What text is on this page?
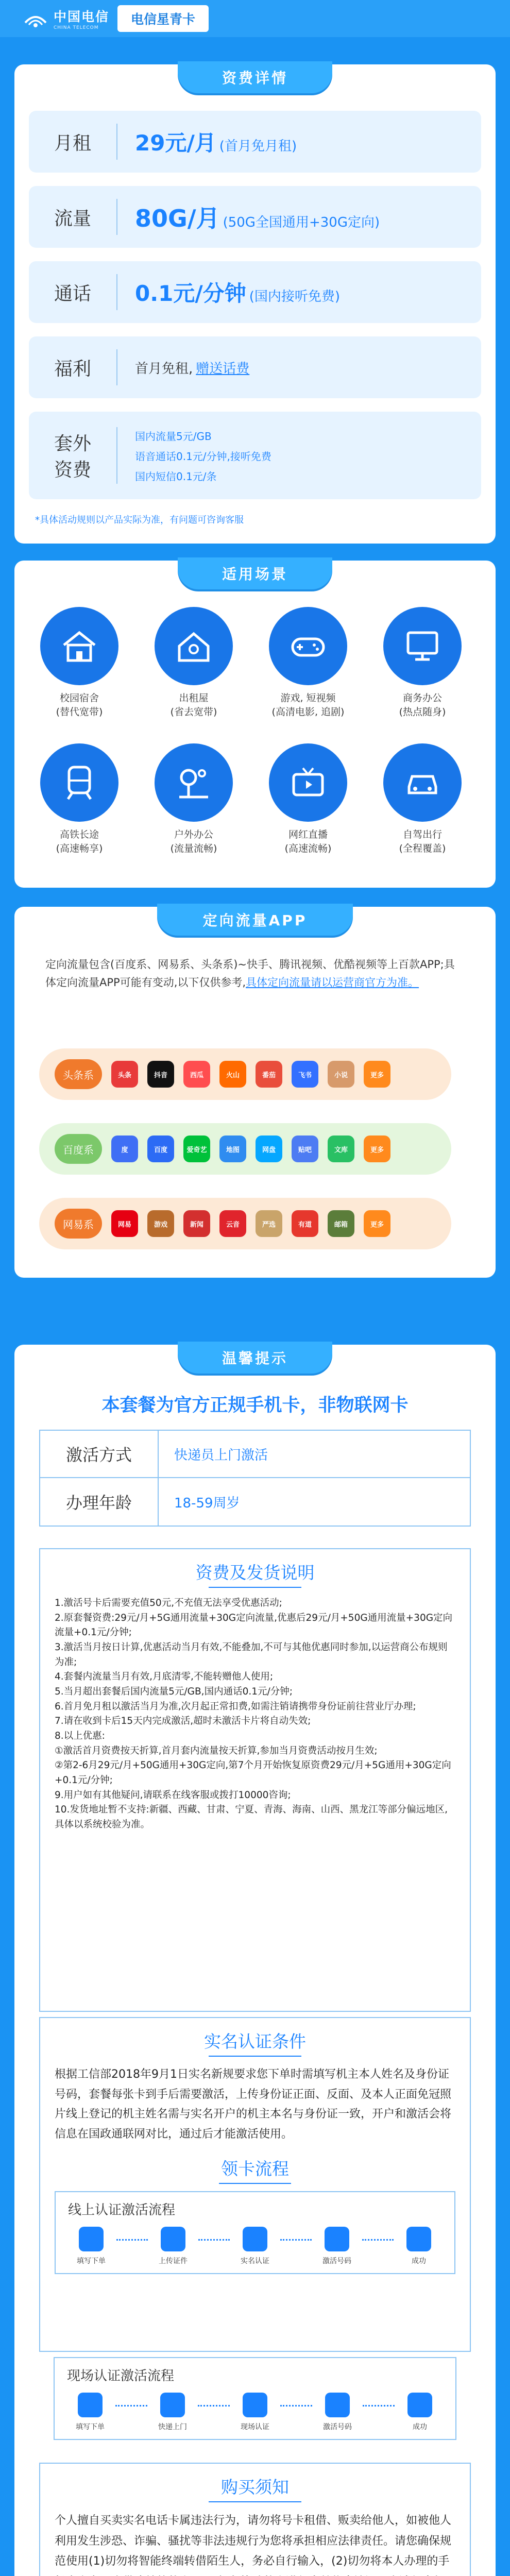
中国电信
CHINA TELECOM
电信星青卡
资费详情
月租	29元/月 (首月免月租)
流量	80G/月 (50G全国通用+30G定向)
通话	0.1元/分钟 (国内接听免费)
福利	首月免租, 赠送话费
套外资费
国内流量5元/GB
语音通话0.1元/分钟,接听免费
国内短信0.1元/条
*具体活动规则以产品实际为准，有问题可咨询客服
适用场景
校园宿舍
(替代宽带)
出租屋
(省去宽带)
游戏, 短视频
(高清电影, 追剧)
商务办公
(热点随身)
高铁长途
(高速畅享)
户外办公
(流量流畅)
网红直播
(高速流畅)
自驾出行
(全程覆盖)
定向流量APP
定向流量包含(百度系、网易系、头条系)~快手、腾讯视频、优酷视频等上百款APP;具体定向流量APP可能有变动,以下仅供参考,具体定向流量请以运营商官方为准。
头条系	头条	抖音	西瓜	火山	番茄	飞书	小说	更多
百度系	度	百度	爱奇艺	地图	网盘	贴吧	文库	更多
网易系	网易	游戏	新闻	云音	严选	有道	邮箱	更多
温馨提示
本套餐为官方正规手机卡，非物联网卡
激活方式	快递员上门激活
办理年龄	18-59周岁
资费及发货说明
1.激活号卡后需要充值50元,不充值无法享受优惠活动;
2.原套餐资费:29元/月+5G通用流量+30G定向流量,优惠后29元/月+50G通用流量+30G定向流量+0.1元/分钟;
3.激活当月按日计算,优惠活动当月有效,不能叠加,不可与其他优惠同时参加,以运营商公布规则为准;
4.套餐内流量当月有效,月底清零,不能转赠他人使用;
5.当月超出套餐后国内流量5元/GB,国内通话0.1元/分钟;
6.首月免月租以激活当月为准,次月起正常扣费,如需注销请携带身份证前往营业厅办理;
7.请在收到卡后15天内完成激活,超时未激活卡片将自动失效;
8.以上优惠:
①激活首月资费按天折算,首月套内流量按天折算,参加当月资费活动按月生效;
②第2-6月29元/月+50G通用+30G定向,第7个月开始恢复原资费29元/月+5G通用+30G定向+0.1元/分钟;
9.用户如有其他疑问,请联系在线客服或拨打10000咨询;
10.发货地址暂不支持:新疆、西藏、甘肃、宁夏、青海、海南、山西、黑龙江等部分偏远地区,具体以系统校验为准。
实名认证条件
根据工信部2018年9月1日实名新规要求您下单时需填写机主本人姓名及身份证号码，套餐每张卡到手后需要激活，上传身份证正面、反面、及本人正面免冠照片线上登记的机主姓名需与实名开户的机主本名与身份证一致，开户和激活会将信息在国政通联网对比，通过后才能激活使用。
领卡流程
线上认证激活流程
填写下单	上传证件	实名认证	激活号码	成功
现场认证激活流程
填写下单	快递上门	现场认证	激活号码	成功
购买须知
个人擅自买卖实名电话卡属违法行为，请勿将号卡租借、贩卖给他人，如被他人利用发生涉恐、诈骗、骚扰等非法违规行为您将承担相应法律责任。请您确保规范使用(1)切勿将智能终端转借陌生人，务必自行输入，(2)切勿将本人办理的手
